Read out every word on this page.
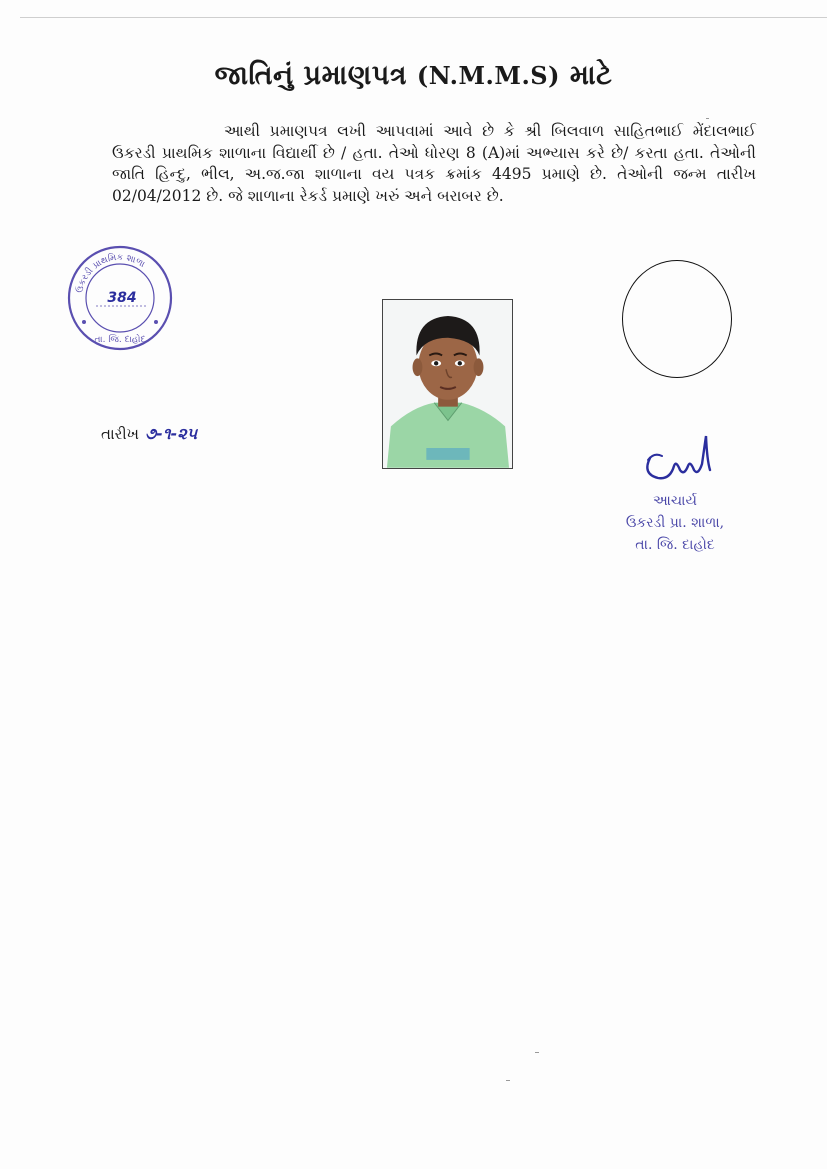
જાતિનું પ્રમાણપત્ર (N.M.M.S) માટે
આથી પ્રમાણપત્ર લખી આપવામાં આવે છે કે શ્રી બિલવાળ સાહિતભાઈ મેંદાલભાઈ ઉકરડી પ્રાથમિક શાળાના વિદ્યાર્થી છે / હતા. તેઓ ધોરણ 8 (A)માં અભ્યાસ કરે છે/ કરતા હતા. તેઓની જાતિ હિન્દુ, ભીલ, અ.જ.જા શાળાના વય પત્રક ક્રમાંક 4495 પ્રમાણે છે. તેઓની જન્મ તારીખ 02/04/2012 છે. જે શાળાના રેકર્ડ પ્રમાણે ખરું અને બરાબર છે.
ઉકરડી પ્રાથમિક શાળા
384
તા. જિ. દાહોદ
તારીખ ૭-૧-૨૫
આચાર્ય
ઉકરડી પ્રા. શાળા,
તા. જિ. દાહોદ
